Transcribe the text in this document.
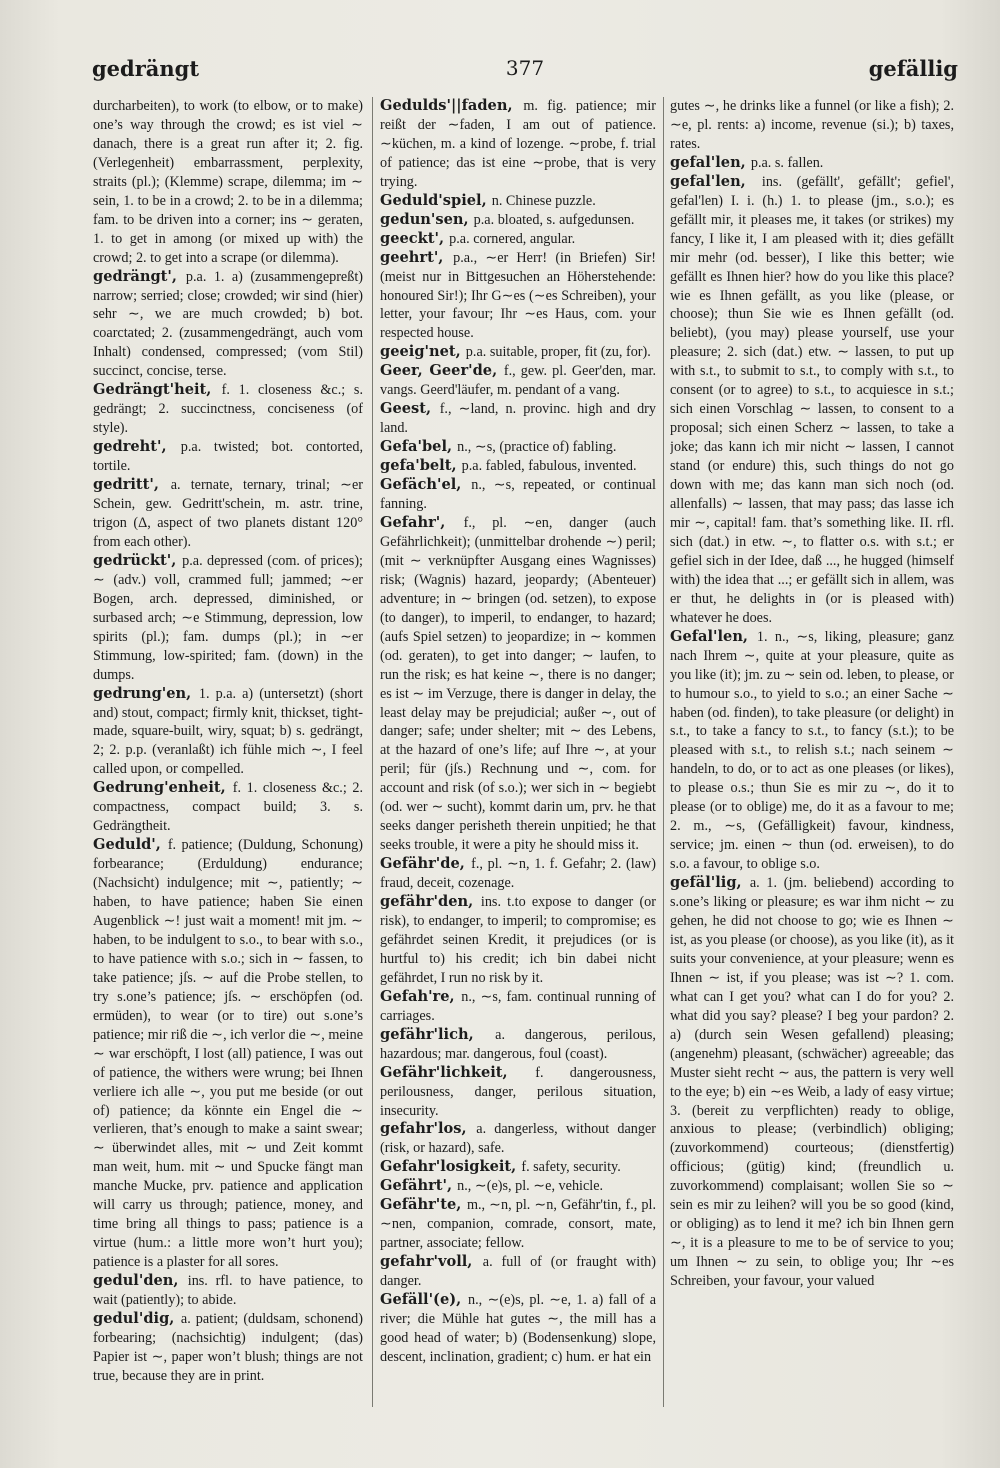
gedrängt	377	gefällig

durcharbeiten), to work (to elbow, or to make) one’s way through the crowd; es ist viel ∼ danach, there is a great run after it; 2. fig. (Verlegenheit) embarrassment, perplexity, straits (pl.); (Klemme) scrape, dilemma; im ∼ sein, 1. to be in a crowd; 2. to be in a dilemma; fam. to be driven into a corner; ins ∼ geraten, 1. to get in among (or mixed up with) the crowd; 2. to get into a scrape (or dilemma).

gedrängt', p.a. 1. a) (zusammengepreßt) narrow; serried; close; crowded; wir sind (hier) sehr ∼, we are much crowded; b) bot. coarctated; 2. (zusammengedrängt, auch vom Inhalt) condensed, compressed; (vom Stil) succinct, concise, terse.

Gedrängt'heit, f. 1. closeness &c.; s. gedrängt; 2. succinctness, conciseness (of style).

gedreht', p.a. twisted; bot. contorted, tortile.

gedritt', a. ternate, ternary, trinal; ∼er Schein, gew. Gedritt'schein, m. astr. trine, trigon (Δ, aspect of two planets distant 120° from each other).

gedrückt', p.a. depressed (com. of prices); ∼ (adv.) voll, crammed full; jammed; ∼er Bogen, arch. depressed, diminished, or surbased arch; ∼e Stimmung, depression, low spirits (pl.); fam. dumps (pl.); in ∼er Stimmung, low-spirited; fam. (down) in the dumps.

gedrung'en, 1. p.a. a) (untersetzt) (short and) stout, compact; firmly knit, thickset, tight-made, square-built, wiry, squat; b) s. gedrängt, 2; 2. p.p. (veranlaßt) ich fühle mich ∼, I feel called upon, or compelled.

Gedrung'enheit, f. 1. closeness &c.; 2. compactness, compact build; 3. s. Gedrängtheit.

Geduld', f. patience; (Duldung, Schonung) forbearance; (Erduldung) endurance; (Nachsicht) indulgence; mit ∼, patiently; ∼ haben, to have patience; haben Sie einen Augenblick ∼! just wait a moment! mit jm. ∼ haben, to be indulgent to s.o., to bear with s.o., to have patience with s.o.; sich in ∼ fassen, to take patience; jſs. ∼ auf die Probe stellen, to try s.one’s patience; jſs. ∼ erschöpfen (od. ermüden), to wear (or to tire) out s.one’s patience; mir riß die ∼, ich verlor die ∼, meine ∼ war erschöpft, I lost (all) patience, I was out of patience, the withers were wrung; bei Ihnen verliere ich alle ∼, you put me beside (or out of) patience; da könnte ein Engel die ∼ verlieren, that’s enough to make a saint swear; ∼ überwindet alles, mit ∼ und Zeit kommt man weit, hum. mit ∼ und Spucke fängt man manche Mucke, prv. patience and application will carry us through; patience, money, and time bring all things to pass; patience is a virtue (hum.: a little more won’t hurt you); patience is a plaster for all sores.

gedul'den, ins. rfl. to have patience, to wait (patiently); to abide.

gedul'dig, a. patient; (duldsam, schonend) forbearing; (nachsichtig) indulgent; (das) Papier ist ∼, paper won’t blush; things are not true, because they are in print.

Gedulds'||faden, m. fig. patience; mir reißt der ∼faden, I am out of patience. ∼küchen, m. a kind of lozenge. ∼probe, f. trial of patience; das ist eine ∼probe, that is very trying.

Geduld'spiel, n. Chinese puzzle.

gedun'sen, p.a. bloated, s. aufgedunsen.

geeckt', p.a. cornered, angular.

geehrt', p.a., ∼er Herr! (in Briefen) Sir! (meist nur in Bittgesuchen an Höherstehende: honoured Sir!); Ihr G∼es (∼es Schreiben), your letter, your favour; Ihr ∼es Haus, com. your respected house.

geeig'net, p.a. suitable, proper, fit (zu, for).

Geer, Geer'de, f., gew. pl. Geer'den, mar. vangs. Geerd'läufer, m. pendant of a vang.

Geest, f., ∼land, n. provinc. high and dry land.

Gefa'bel, n., ∼s, (practice of) fabling.

gefa'belt, p.a. fabled, fabulous, invented.

Gefäch'el, n., ∼s, repeated, or continual fanning.

Gefahr', f., pl. ∼en, danger (auch Gefährlichkeit); (unmittelbar drohende ∼) peril; (mit ∼ verknüpfter Ausgang eines Wagnisses) risk; (Wagnis) hazard, jeopardy; (Abenteuer) adventure; in ∼ bringen (od. setzen), to expose (to danger), to imperil, to endanger, to hazard; (aufs Spiel setzen) to jeopardize; in ∼ kommen (od. geraten), to get into danger; ∼ laufen, to run the risk; es hat keine ∼, there is no danger; es ist ∼ im Verzuge, there is danger in delay, the least delay may be prejudicial; außer ∼, out of danger; safe; under shelter; mit ∼ des Lebens, at the hazard of one’s life; auf Ihre ∼, at your peril; für (jſs.) Rechnung und ∼, com. for account and risk (of s.o.); wer sich in ∼ begiebt (od. wer ∼ sucht), kommt darin um, prv. he that seeks danger perisheth therein unpitied; he that seeks trouble, it were a pity he should miss it.

Gefähr'de, f., pl. ∼n, 1. f. Gefahr; 2. (law) fraud, deceit, cozenage.

gefähr'den, ins. t.to expose to danger (or risk), to endanger, to imperil; to compromise; es gefährdet seinen Kredit, it prejudices (or is hurtful to) his credit; ich bin dabei nicht gefährdet, I run no risk by it.

Gefah're, n., ∼s, fam. continual running of carriages.

gefähr'lich, a. dangerous, perilous, hazardous; mar. dangerous, foul (coast).

Gefähr'lichkeit, f. dangerousness, perilousness, danger, perilous situation, insecurity.

gefahr'los, a. dangerless, without danger (risk, or hazard), safe.

Gefahr'losigkeit, f. safety, security.

Gefährt', n., ∼(e)s, pl. ∼e, vehicle.

Gefähr'te, m., ∼n, pl. ∼n, Gefähr'tin, f., pl. ∼nen, companion, comrade, consort, mate, partner, associate; fellow.

gefahr'voll, a. full of (or fraught with) danger.

Gefäll'(e), n., ∼(e)s, pl. ∼e, 1. a) fall of a river; die Mühle hat gutes ∼, the mill has a good head of water; b) (Bodensenkung) slope, descent, inclination, gradient; c) hum. er hat ein

gutes ∼, he drinks like a funnel (or like a fish); 2. ∼e, pl. rents: a) income, revenue (si.); b) taxes, rates.

gefal'len, p.a. s. fallen.

gefal'len, ins. (gefällt', gefällt'; gefiel', gefal'len) I. i. (h.) 1. to please (jm., s.o.); es gefällt mir, it pleases me, it takes (or strikes) my fancy, I like it, I am pleased with it; dies gefällt mir mehr (od. besser), I like this better; wie gefällt es Ihnen hier? how do you like this place? wie es Ihnen gefällt, as you like (please, or choose); thun Sie wie es Ihnen gefällt (od. beliebt), (you may) please yourself, use your pleasure; 2. sich (dat.) etw. ∼ lassen, to put up with s.t., to submit to s.t., to comply with s.t., to consent (or to agree) to s.t., to acquiesce in s.t.; sich einen Vorschlag ∼ lassen, to consent to a proposal; sich einen Scherz ∼ lassen, to take a joke; das kann ich mir nicht ∼ lassen, I cannot stand (or endure) this, such things do not go down with me; das kann man sich noch (od. allenfalls) ∼ lassen, that may pass; das lasse ich mir ∼, capital! fam. that’s something like. II. rfl. sich (dat.) in etw. ∼, to flatter o.s. with s.t.; er gefiel sich in der Idee, daß ..., he hugged (himself with) the idea that ...; er gefällt sich in allem, was er thut, he delights in (or is pleased with) whatever he does.

Gefal'len, 1. n., ∼s, liking, pleasure; ganz nach Ihrem ∼, quite at your pleasure, quite as you like (it); jm. zu ∼ sein od. leben, to please, or to humour s.o., to yield to s.o.; an einer Sache ∼ haben (od. finden), to take pleasure (or delight) in s.t., to take a fancy to s.t., to fancy (s.t.); to be pleased with s.t., to relish s.t.; nach seinem ∼ handeln, to do, or to act as one pleases (or likes), to please o.s.; thun Sie es mir zu ∼, do it to please (or to oblige) me, do it as a favour to me; 2. m., ∼s, (Gefälligkeit) favour, kindness, service; jm. einen ∼ thun (od. erweisen), to do s.o. a favour, to oblige s.o.

gefäl'lig, a. 1. (jm. beliebend) according to s.one’s liking or pleasure; es war ihm nicht ∼ zu gehen, he did not choose to go; wie es Ihnen ∼ ist, as you please (or choose), as you like (it), as it suits your convenience, at your pleasure; wenn es Ihnen ∼ ist, if you please; was ist ∼? 1. com. what can I get you? what can I do for you? 2. what did you say? please? I beg your pardon? 2. a) (durch sein Wesen gefallend) pleasing; (angenehm) pleasant, (schwächer) agreeable; das Muster sieht recht ∼ aus, the pattern is very well to the eye; b) ein ∼es Weib, a lady of easy virtue; 3. (bereit zu verpflichten) ready to oblige, anxious to please; (verbindlich) obliging; (zuvorkommend) courteous; (dienstfertig) officious; (gütig) kind; (freundlich u. zuvorkommend) complaisant; wollen Sie so ∼ sein es mir zu leihen? will you be so good (kind, or obliging) as to lend it me? ich bin Ihnen gern ∼, it is a pleasure to me to be of service to you; um Ihnen ∼ zu sein, to oblige you; Ihr ∼es Schreiben, your favour, your valued
